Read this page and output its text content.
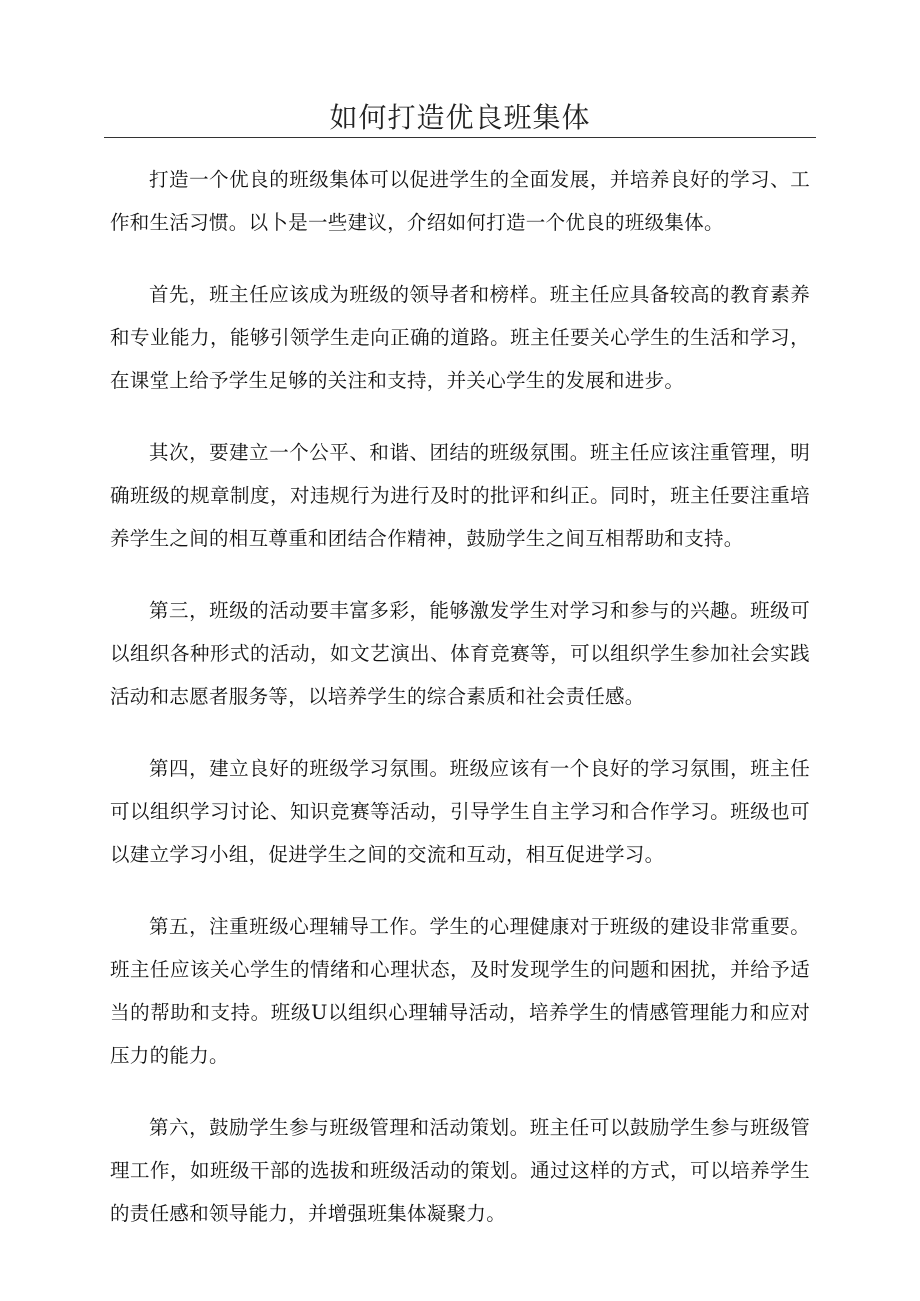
如何打造优良班集体

打造一个优良的班级集体可以促进学生的全面发展，并培养良好的学习、工作和生活习惯。以卜是一些建议，介绍如何打造一个优良的班级集体。

首先，班主任应该成为班级的领导者和榜样。班主任应具备较高的教育素养和专业能力，能够引领学生走向正确的道路。班主任要关心学生的生活和学习，在课堂上给予学生足够的关注和支持，并关心学生的发展和进步。

其次，要建立一个公平、和谐、团结的班级氛围。班主任应该注重管理，明确班级的规章制度，对违规行为进行及时的批评和纠正。同时，班主任要注重培养学生之间的相互尊重和团结合作精神，鼓励学生之间互相帮助和支持。

第三，班级的活动要丰富多彩，能够激发学生对学习和参与的兴趣。班级可以组织各种形式的活动，如文艺演出、体育竞赛等，可以组织学生参加社会实践活动和志愿者服务等，以培养学生的综合素质和社会责任感。

第四，建立良好的班级学习氛围。班级应该有一个良好的学习氛围，班主任可以组织学习讨论、知识竞赛等活动，引导学生自主学习和合作学习。班级也可以建立学习小组，促进学生之间的交流和互动，相互促进学习。

第五，注重班级心理辅导工作。学生的心理健康对于班级的建设非常重要。班主任应该关心学生的情绪和心理状态，及时发现学生的问题和困扰，并给予适当的帮助和支持。班级U以组织心理辅导活动，培养学生的情感管理能力和应对压力的能力。

第六，鼓励学生参与班级管理和活动策划。班主任可以鼓励学生参与班级管理工作，如班级干部的选拔和班级活动的策划。通过这样的方式，可以培养学生的责任感和领导能力，并增强班集体凝聚力。
